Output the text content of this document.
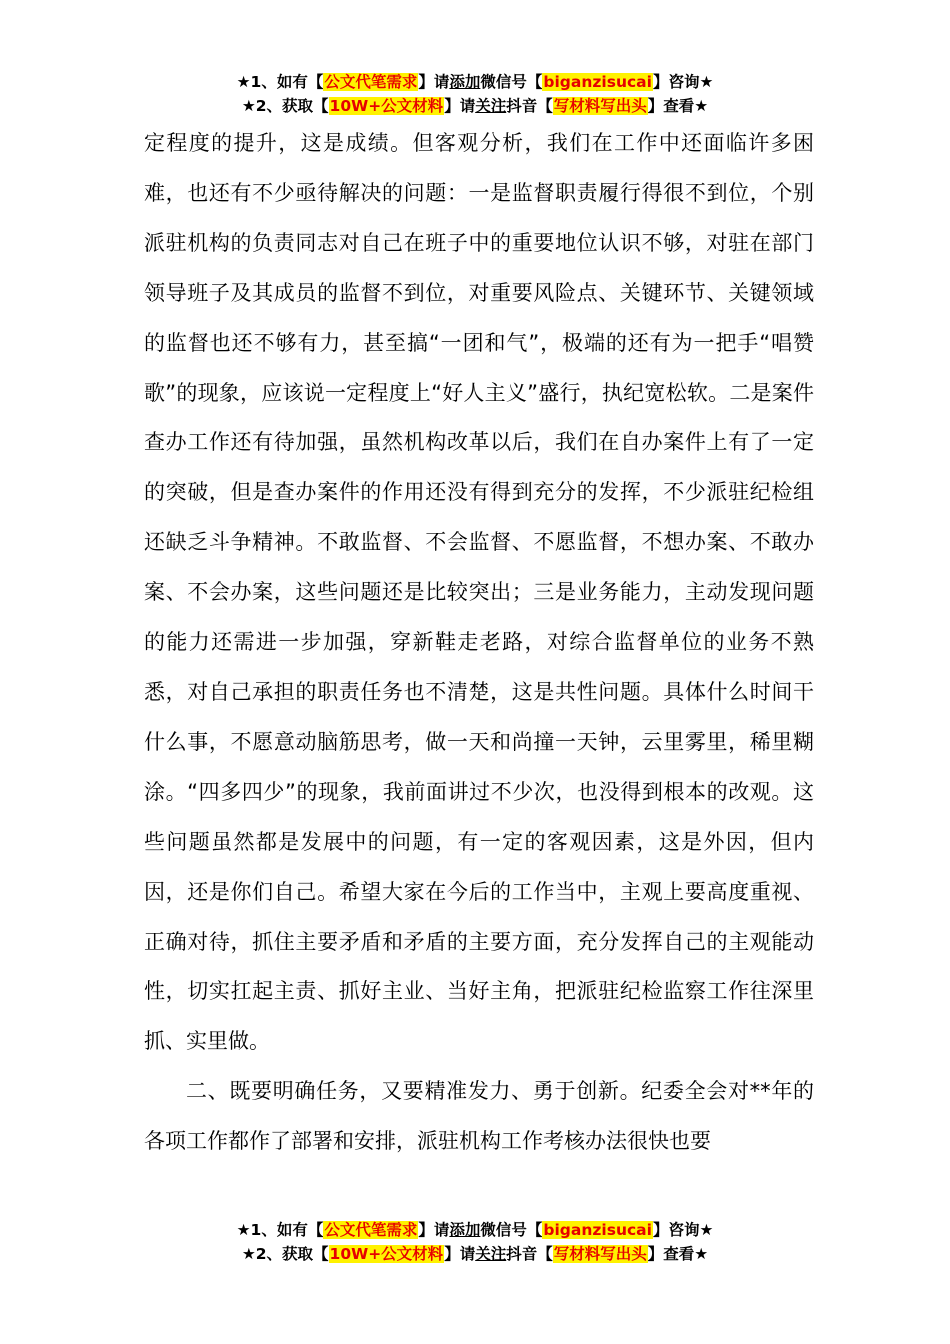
★1、如有【公文代笔需求】请添加微信号【biganzisucai】咨询★
★2、获取【10W+公文材料】请关注抖音【写材料写出头】查看★

定程度的提升，这是成绩。但客观分析，我们在工作中还面临许多困难，也还有不少亟待解决的问题：一是监督职责履行得很不到位，个别派驻机构的负责同志对自己在班子中的重要地位认识不够，对驻在部门领导班子及其成员的监督不到位，对重要风险点、关键环节、关键领域的监督也还不够有力，甚至搞“一团和气”，极端的还有为一把手“唱赞歌”的现象，应该说一定程度上“好人主义”盛行，执纪宽松软。二是案件查办工作还有待加强，虽然机构改革以后，我们在自办案件上有了一定的突破，但是查办案件的作用还没有得到充分的发挥，不少派驻纪检组还缺乏斗争精神。不敢监督、不会监督、不愿监督，不想办案、不敢办案、不会办案，这些问题还是比较突出；三是业务能力，主动发现问题的能力还需进一步加强，穿新鞋走老路，对综合监督单位的业务不熟悉，对自己承担的职责任务也不清楚，这是共性问题。具体什么时间干什么事，不愿意动脑筋思考，做一天和尚撞一天钟，云里雾里，稀里糊涂。“四多四少”的现象，我前面讲过不少次，也没得到根本的改观。这些问题虽然都是发展中的问题，有一定的客观因素，这是外因，但内因，还是你们自己。希望大家在今后的工作当中，主观上要高度重视、正确对待，抓住主要矛盾和矛盾的主要方面，充分发挥自己的主观能动性，切实扛起主责、抓好主业、当好主角，把派驻纪检监察工作往深里抓、实里做。

二、既要明确任务，又要精准发力、勇于创新。纪委全会对**年的各项工作都作了部署和安排，派驻机构工作考核办法很快也要

★1、如有【公文代笔需求】请添加微信号【biganzisucai】咨询★
★2、获取【10W+公文材料】请关注抖音【写材料写出头】查看★
